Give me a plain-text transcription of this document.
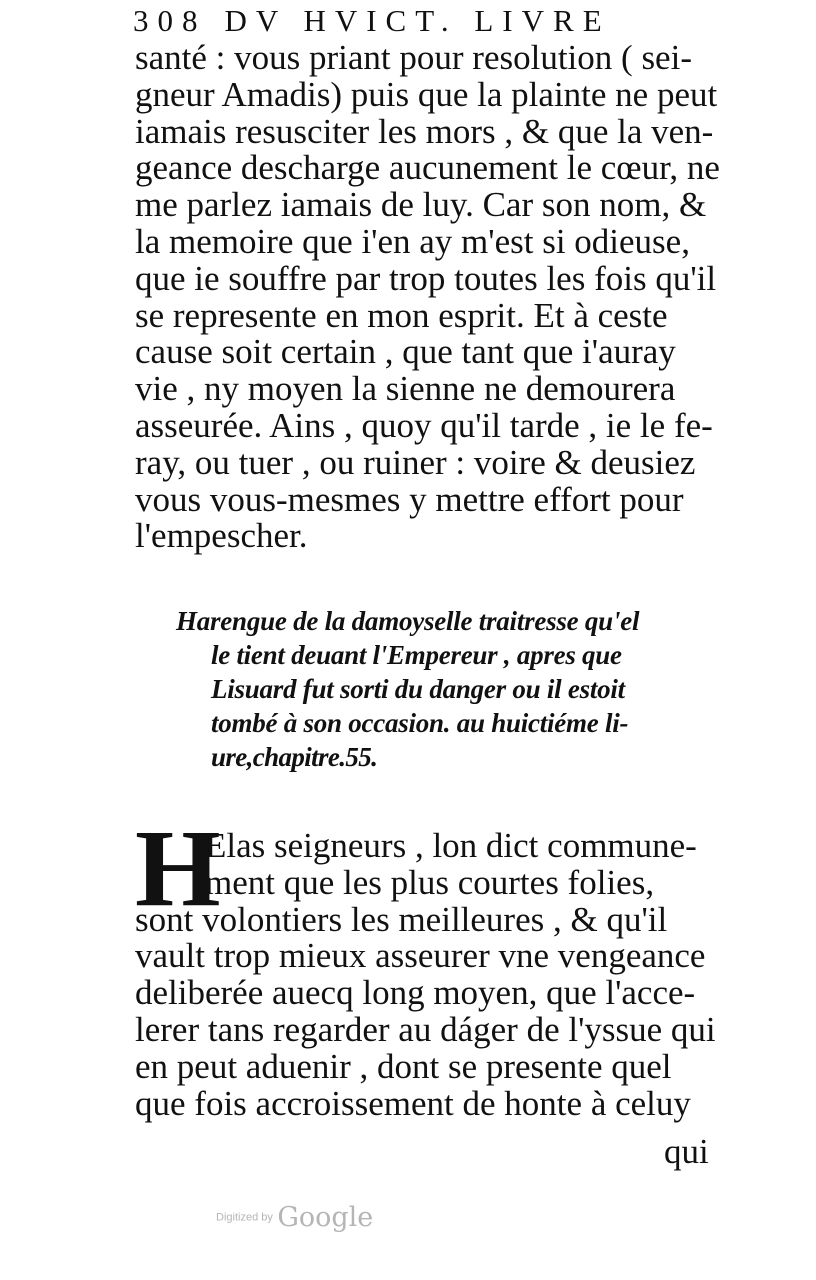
308 DV HVICT. LIVRE
santé : vous priant pour resolution ( sei-
gneur Amadis) puis que la plainte ne peut
iamais resusciter les mors , & que la ven-
geance descharge aucunement le cœur, ne
me parlez iamais de luy. Car son nom, &
la memoire que i'en ay m'est si odieuse,
que ie souffre par trop toutes les fois qu'il
se represente en mon esprit. Et à ceste
cause soit certain , que tant que i'auray
vie , ny moyen la sienne ne demourera
asseurée. Ains , quoy qu'il tarde , ie le fe-
ray, ou tuer , ou ruiner : voire & deusiez
vous vous-mesmes y mettre effort pour
l'empescher.
Harengue de la damoyselle traitresse qu'el
le tient deuant l'Empereur , apres que
Lisuard fut sorti du danger ou il estoit
tombé à son occasion. au huictiéme li-
ure,chapitre.55.
H
Elas seigneurs , lon dict commune-
ment que les plus courtes folies,
sont volontiers les meilleures , & qu'il
vault trop mieux asseurer vne vengeance
deliberée auecq long moyen, que l'acce-
lerer tans regarder au dáger de l'yssue qui
en peut aduenir , dont se presente quel
que fois accroissement de honte à celuy
qui
Digitized by Google
